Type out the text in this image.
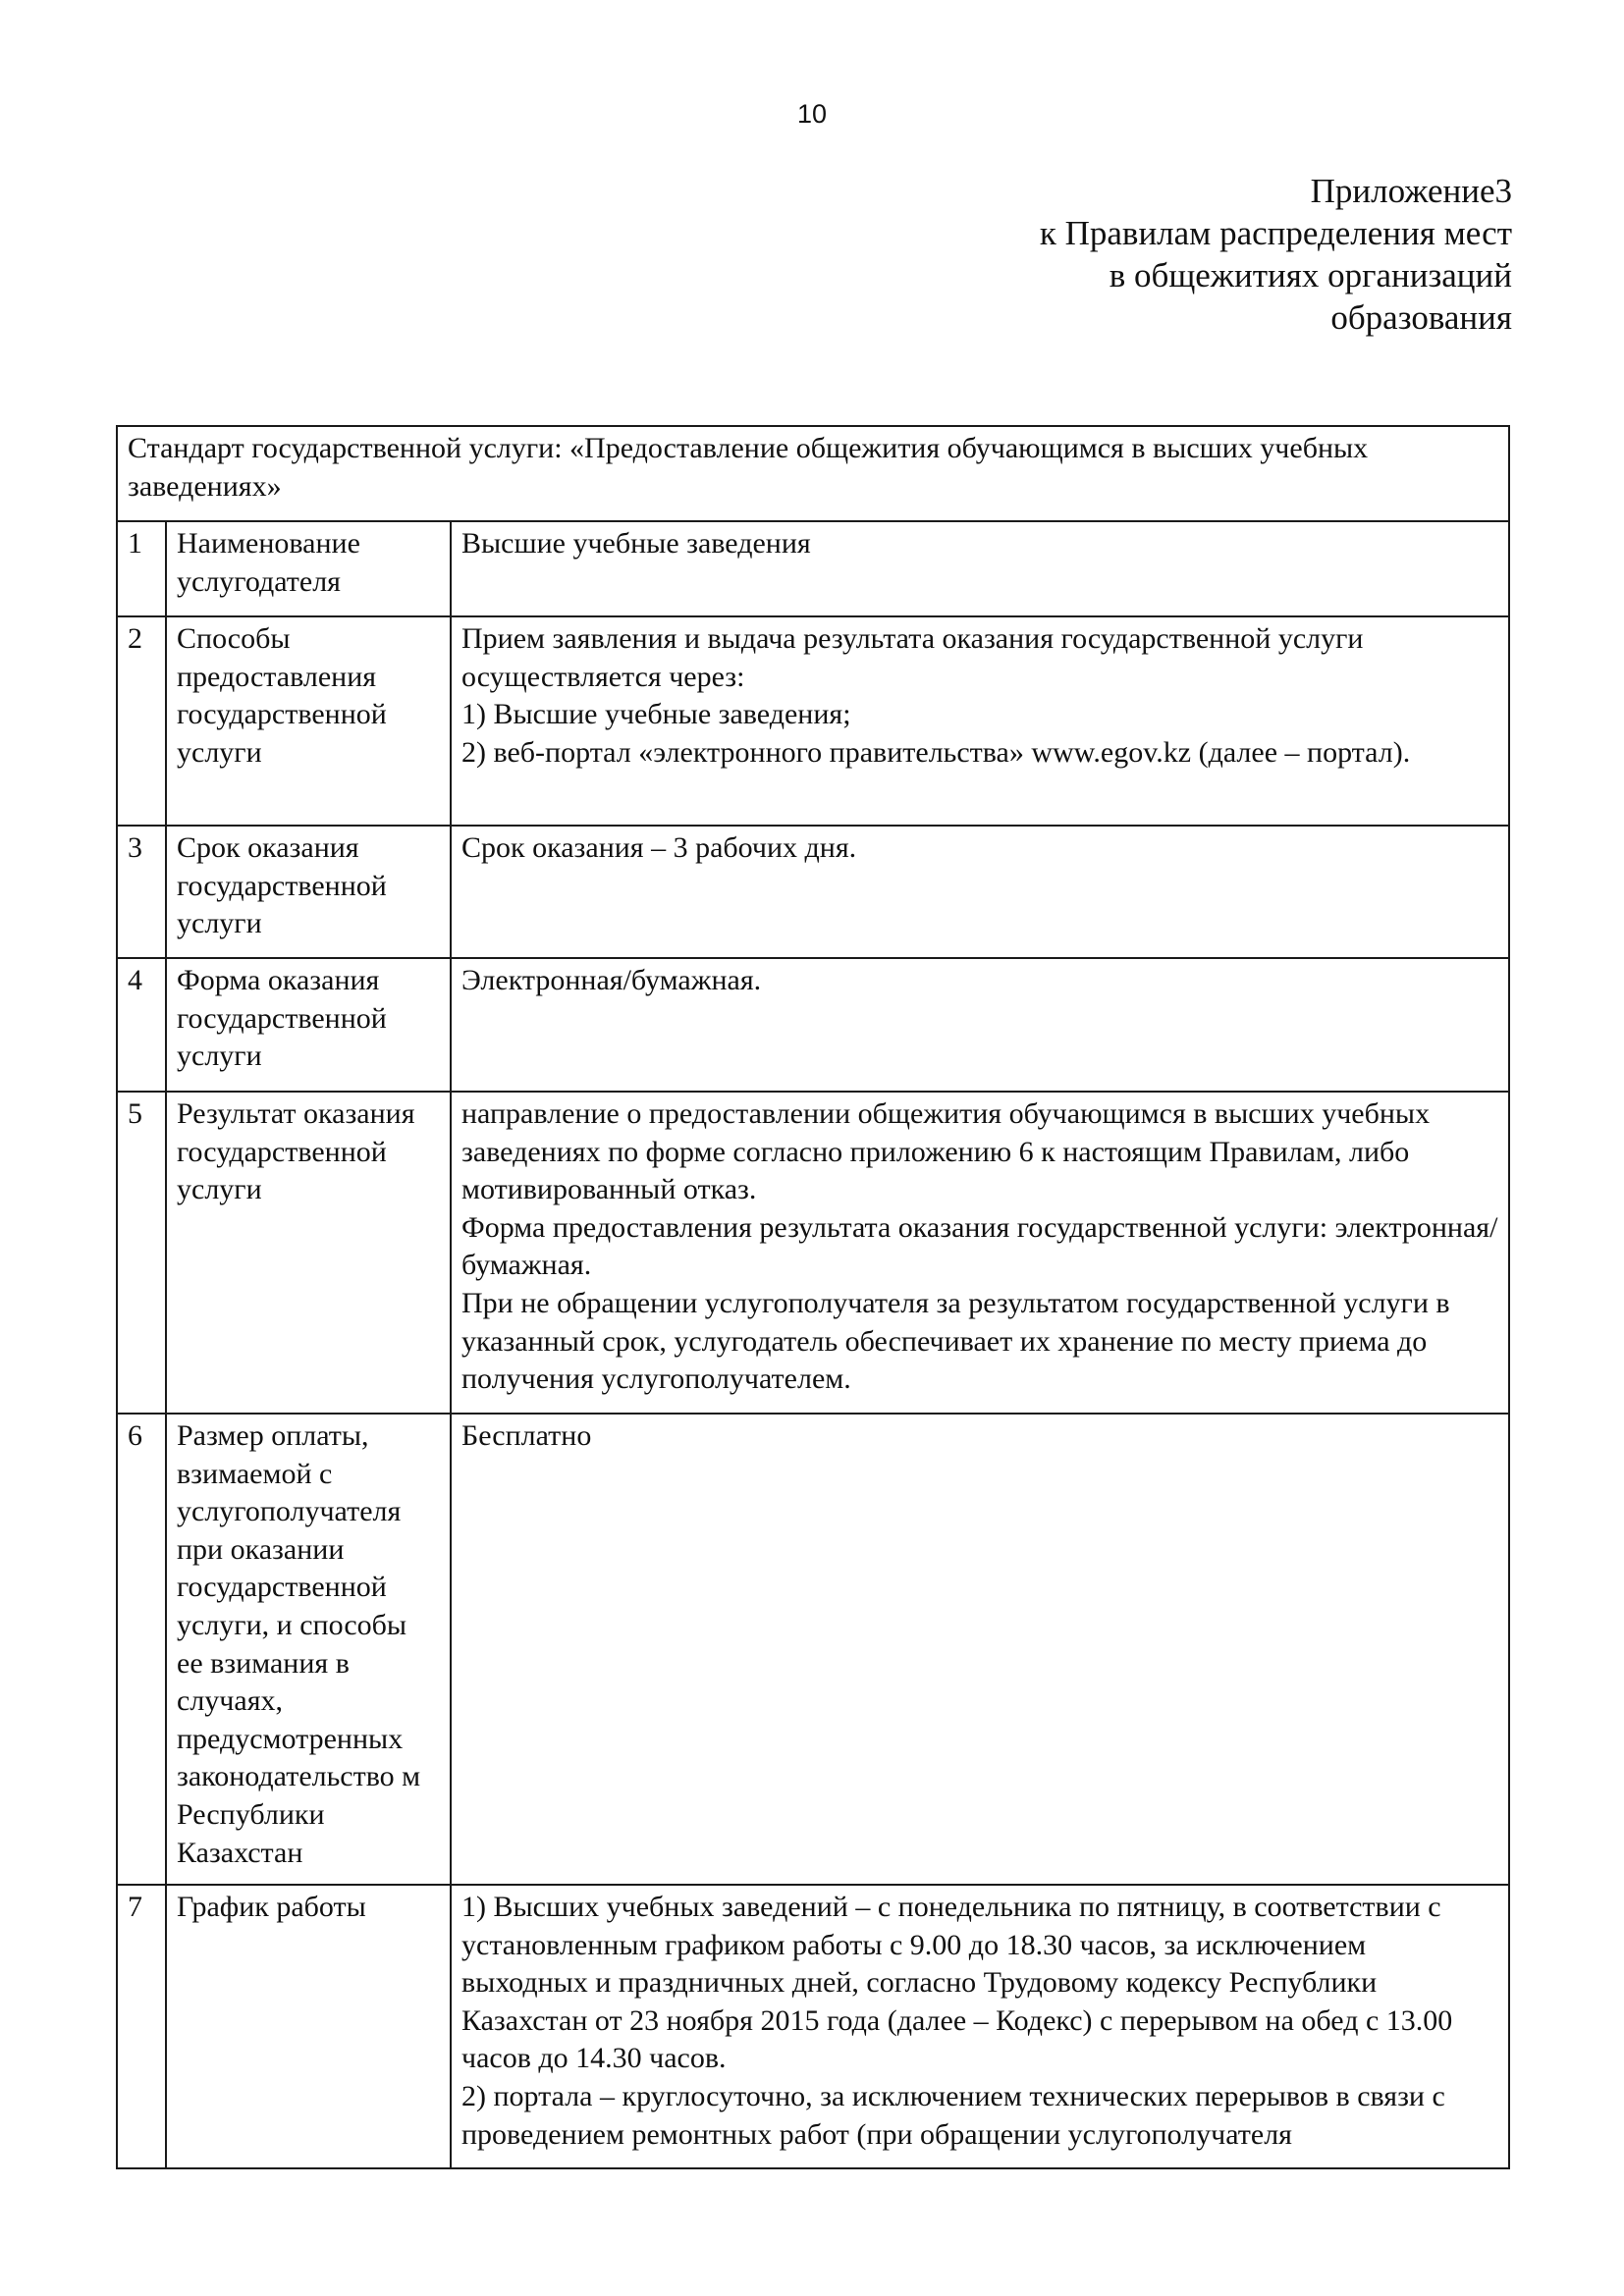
10
Приложение3
к Правилам распределения мест
в общежитиях организаций
образования
Стандарт государственной услуги: «Предоставление общежития обучающимся в высших учебных заведениях»		
1	Наименование услугодателя	Высшие учебные заведения

2	Способы предоставления государственной услуги	Прием заявления и выдача результата оказания государственной услуги осуществляется через:
1) Высшие учебные заведения;
2) веб-портал «электронного правительства» www.egov.kz (далее – портал).

3	Срок оказания государственной услуги	Срок оказания – 3 рабочих дня.

4	Форма оказания государственной услуги	Электронная/бумажная.

5	Результат оказания государственной услуги	направление о предоставлении общежития обучающимся в высших учебных заведениях по форме согласно приложению 6 к настоящим Правилам, либо мотивированный отказ.
Форма предоставления результата оказания государственной услуги: электронная/бумажная.
При не обращении услугополучателя за результатом государственной услуги в указанный срок, услугодатель обеспечивает их хранение по месту приема до получения услугополучателем.

6	Размер оплаты, взимаемой с услугополучателя при оказании государственной услуги, и способы ее взимания в случаях, предусмотренных законодательство м Республики Казахстан	Бесплатно

7	График работы	1) Высших учебных заведений – с понедельника по пятницу, в соответствии с установленным графиком работы с 9.00 до 18.30 часов, за исключением выходных и праздничных дней, согласно Трудовому кодексу Республики Казахстан от 23 ноября 2015 года (далее – Кодекс) с перерывом на обед с 13.00 часов до 14.30 часов.
2) портала – круглосуточно, за исключением технических перерывов в связи с проведением ремонтных работ (при обращении услугополучателя
